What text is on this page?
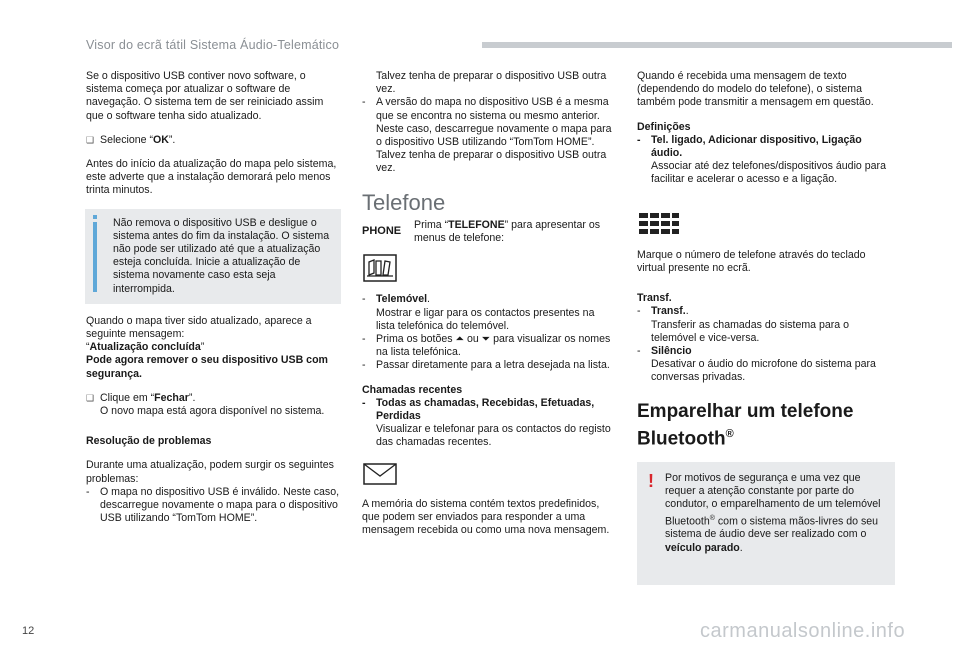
Visor do ecrã tátil Sistema Áudio-Telemático

Se o dispositivo USB contiver novo software, o sistema começa por atualizar o software de navegação. O sistema tem de ser reiniciado assim que o software tenha sido atualizado.

❑ Selecione “OK”.

Antes do início da atualização do mapa pelo sistema, este adverte que a instalação demorará pelo menos trinta minutos.

Não remova o dispositivo USB e desligue o sistema antes do fim da instalação. O sistema não pode ser utilizado até que a atualização esteja concluída. Inicie a atualização de sistema novamente caso esta seja interrompida.

Quando o mapa tiver sido atualizado, aparece a seguinte mensagem:

“Atualização concluída”

Pode agora remover o seu dispositivo USB com segurança.

❑ Clique em “Fechar”.

O novo mapa está agora disponível no sistema.

Resolução de problemas

Durante uma atualização, podem surgir os seguintes problemas:

- O mapa no dispositivo USB é inválido. Neste caso, descarregue novamente o mapa para o dispositivo USB utilizando “TomTom HOME”.

Talvez tenha de preparar o dispositivo USB outra vez.

- A versão do mapa no dispositivo USB é a mesma que se encontra no sistema ou mesmo anterior. Neste caso, descarregue novamente o mapa para o dispositivo USB utilizando “TomTom HOME”.

Talvez tenha de preparar o dispositivo USB outra vez.

Telefone
PHONE Prima “TELEFONE” para apresentar os menus de telefone:

- Telemóvel.

Mostrar e ligar para os contactos presentes na lista telefónica do telemóvel.

- Prima os botões ⏶ ou ⏷ para visualizar os nomes na lista telefónica.

- Passar diretamente para a letra desejada na lista.

Chamadas recentes

- Todas as chamadas, Recebidas, Efetuadas, Perdidas

Visualizar e telefonar para os contactos do registo das chamadas recentes.

A memória do sistema contém textos predefinidos, que podem ser enviados para responder a uma mensagem recebida ou como uma nova mensagem.

Quando é recebida uma mensagem de texto (dependendo do modelo do telefone), o sistema também pode transmitir a mensagem em questão.

Definições

- Tel. ligado, Adicionar dispositivo, Ligação áudio.

Associar até dez telefones/dispositivos áudio para facilitar e acelerar o acesso e a ligação.

Marque o número de telefone através do teclado virtual presente no ecrã.

Transf.

- Transf..

Transferir as chamadas do sistema para o telemóvel e vice-versa.

- Silêncio

Desativar o áudio do microfone do sistema para conversas privadas.

Emparelhar um telefone
Bluetooth®
! Por motivos de segurança e uma vez que requer a atenção constante por parte do condutor, o emparelhamento de um telemóvel Bluetooth® com o sistema mãos-livres do seu sistema de áudio deve ser realizado com o veículo parado.

12	carmanualsonline.info
